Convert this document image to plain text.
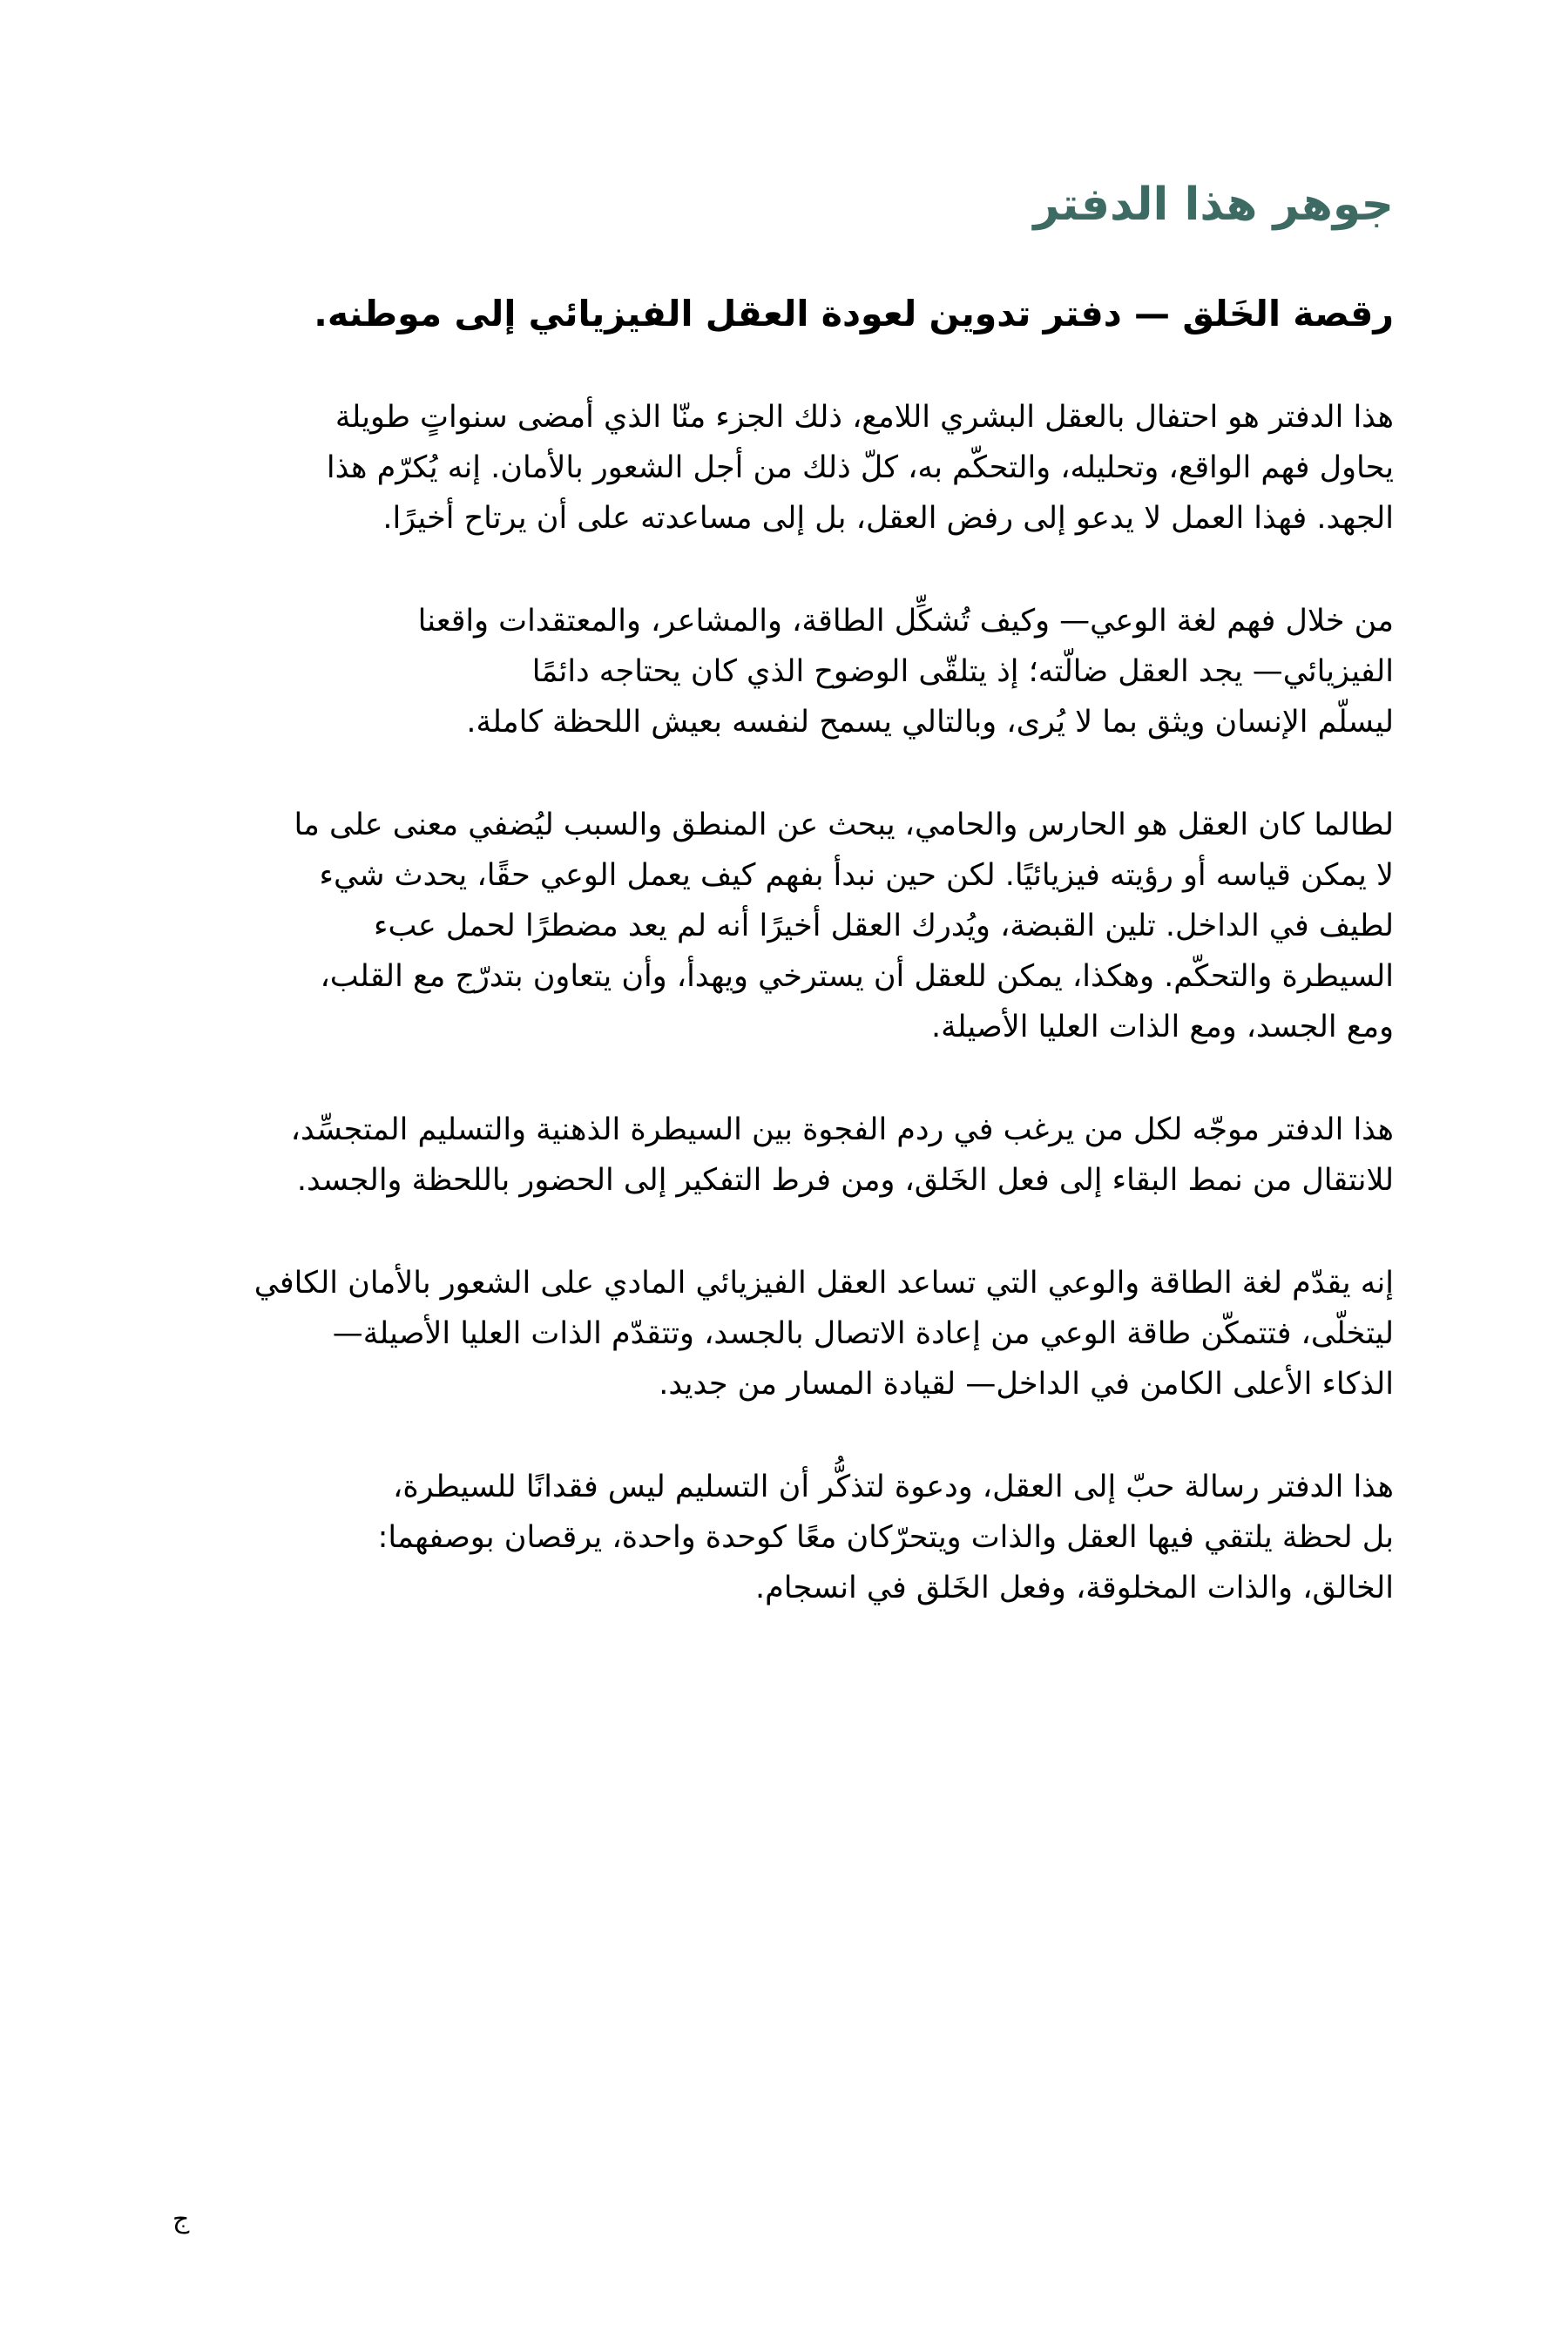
جوهر هذا الدفتر
رقصة الخَلق — دفتر تدوين لعودة العقل الفيزيائي إلى موطنه.

هذا الدفتر هو احتفال بالعقل البشري اللامع، ذلك الجزء منّا الذي أمضى سنواتٍ طويلة
يحاول فهم الواقع، وتحليله، والتحكّم به، كلّ ذلك من أجل الشعور بالأمان. إنه يُكرّم هذا
الجهد. فهذا العمل لا يدعو إلى رفض العقل، بل إلى مساعدته على أن يرتاح أخيرًا.

من خلال فهم لغة الوعي— وكيف تُشكِّل الطاقة، والمشاعر، والمعتقدات واقعنا
الفيزيائي— يجد العقل ضالّته؛ إذ يتلقّى الوضوح الذي كان يحتاجه دائمًا
ليسلّم الإنسان ويثق بما لا يُرى، وبالتالي يسمح لنفسه بعيش اللحظة كاملة.

لطالما كان العقل هو الحارس والحامي، يبحث عن المنطق والسبب ليُضفي معنى على ما
لا يمكن قياسه أو رؤيته فيزيائيًا. لكن حين نبدأ بفهم كيف يعمل الوعي حقًا، يحدث شيء
لطيف في الداخل. تلين القبضة، ويُدرك العقل أخيرًا أنه لم يعد مضطرًا لحمل عبء
السيطرة والتحكّم. وهكذا، يمكن للعقل أن يسترخي ويهدأ، وأن يتعاون بتدرّج مع القلب،
ومع الجسد، ومع الذات العليا الأصيلة.

هذا الدفتر موجّه لكل من يرغب في ردم الفجوة بين السيطرة الذهنية والتسليم المتجسِّد،
للانتقال من نمط البقاء إلى فعل الخَلق، ومن فرط التفكير إلى الحضور باللحظة والجسد.

إنه يقدّم لغة الطاقة والوعي التي تساعد العقل الفيزيائي المادي على الشعور بالأمان الكافي
ليتخلّى، فتتمكّن طاقة الوعي من إعادة الاتصال بالجسد، وتتقدّم الذات العليا الأصيلة—
الذكاء الأعلى الكامن في الداخل— لقيادة المسار من جديد.

هذا الدفتر رسالة حبّ إلى العقل، ودعوة لتذكُّر أن التسليم ليس فقدانًا للسيطرة،
بل لحظة يلتقي فيها العقل والذات ويتحرّكان معًا كوحدة واحدة، يرقصان بوصفهما:
الخالق، والذات المخلوقة، وفعل الخَلق في انسجام.

ج
